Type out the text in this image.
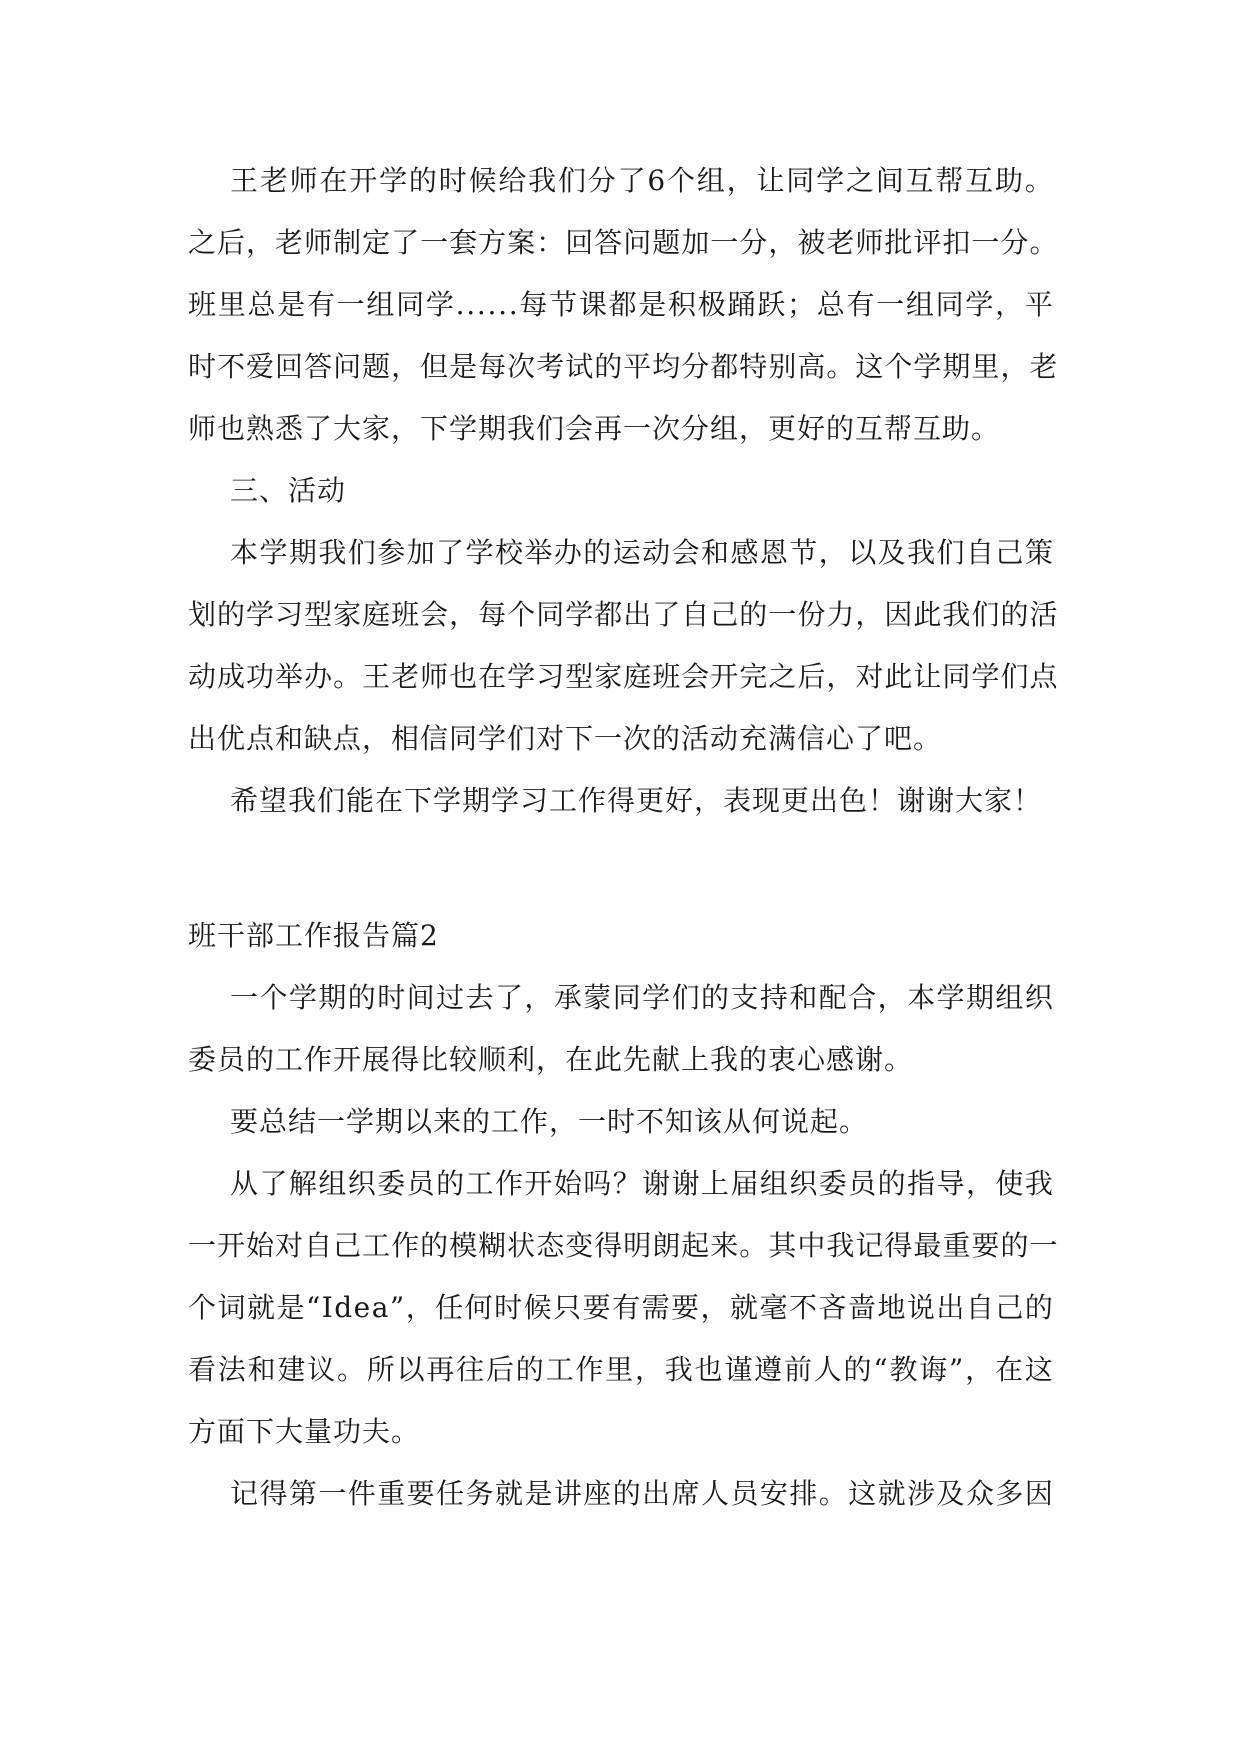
王 老 师 在 开 学 的 时 候 给 我 们 分 了 6 个 组 ， 让 同 学 之 间 互 帮 互 助 。
之 后 ， 老 师 制 定 了 一 套 方 案 ： 回 答 问 题 加 一 分 ， 被 老 师 批 评 扣 一 分 。
班 里 总 是 有 一 组 同 学 . . . . . . 每 节 课 都 是 积 极 踊 跃 ； 总 有 一 组 同 学 ， 平
时 不 爱 回 答 问 题 ， 但 是 每 次 考 试 的 平 均 分 都 特 别 高 。 这 个 学 期 里 ， 老
师也熟悉了大家，下学期我们会再一次分组，更好的互帮互助。
三、活动
本 学 期 我 们 参 加 了 学 校 举 办 的 运 动 会 和 感 恩 节 ， 以 及 我 们 自 己 策
划 的 学 习 型 家 庭 班 会 ， 每 个 同 学 都 出 了 自 己 的 一 份 力 ， 因 此 我 们 的 活
动 成 功 举 办 。 王 老 师 也 在 学 习 型 家 庭 班 会 开 完 之 后 ， 对 此 让 同 学 们 点
出优点和缺点，相信同学们对下一次的活动充满信心了吧。
希望我们能在下学期学习工作得更好，表现更出色！谢谢大家！
班干部工作报告篇2
一 个 学 期 的 时 间 过 去 了 ， 承 蒙 同 学 们 的 支 持 和 配 合 ， 本 学 期 组 织
委员的工作开展得比较顺利，在此先献上我的衷心感谢。
要总结一学期以来的工作，一时不知该从何说起。
从 了 解 组 织 委 员 的 工 作 开 始 吗 ？ 谢 谢 上 届 组 织 委 员 的 指 导 ， 使 我
一 开 始 对 自 己 工 作 的 模 糊 状 态 变 得 明 朗 起 来 。 其 中 我 记 得 最 重 要 的 一
个 词 就 是 “ I d e a ” ， 任 何 时 候 只 要 有 需 要 ， 就 毫 不 吝 啬 地 说 出 自 己 的
看 法 和 建 议 。 所 以 再 往 后 的 工 作 里 ， 我 也 谨 遵 前 人 的 “ 教 诲 ” ， 在 这
方面下大量功夫。
记 得 第 一 件 重 要 任 务 就 是 讲 座 的 出 席 人 员 安 排 。 这 就 涉 及 众 多 因
